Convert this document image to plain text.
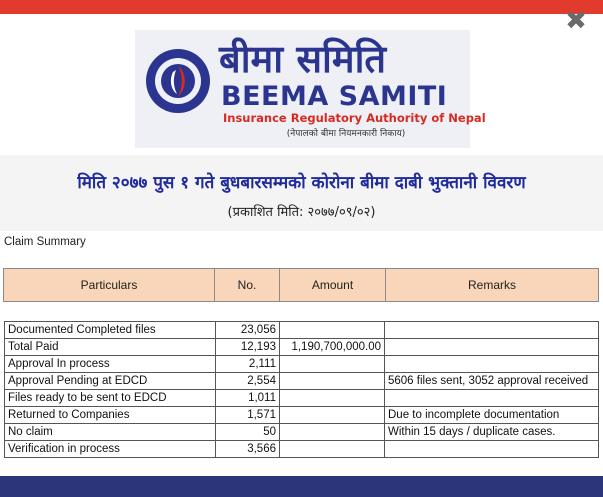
✖
बीमा समिति
BEEMA SAMITI
Insurance Regulatory Authority of Nepal
(नेपालको बीमा नियमनकारी निकाय)
मिति २०७७ पुस १ गते बुधबारसम्मको कोरोना बीमा दाबी भुक्तानी विवरण
(प्रकाशित मिति: २०७७/०९/०२)
Claim Summary
Particulars	No.	Amount	Remarks
Documented Completed files	23,056		
Total Paid	12,193	1,190,700,000.00	
Approval In process	2,111		
Approval Pending at EDCD	2,554		5606 files sent, 3052 approval received
Files ready to be sent to EDCD	1,011		
Returned to Companies	1,571		Due to incomplete documentation
No claim	50		Within 15 days / duplicate cases.
Verification in process	3,566		
